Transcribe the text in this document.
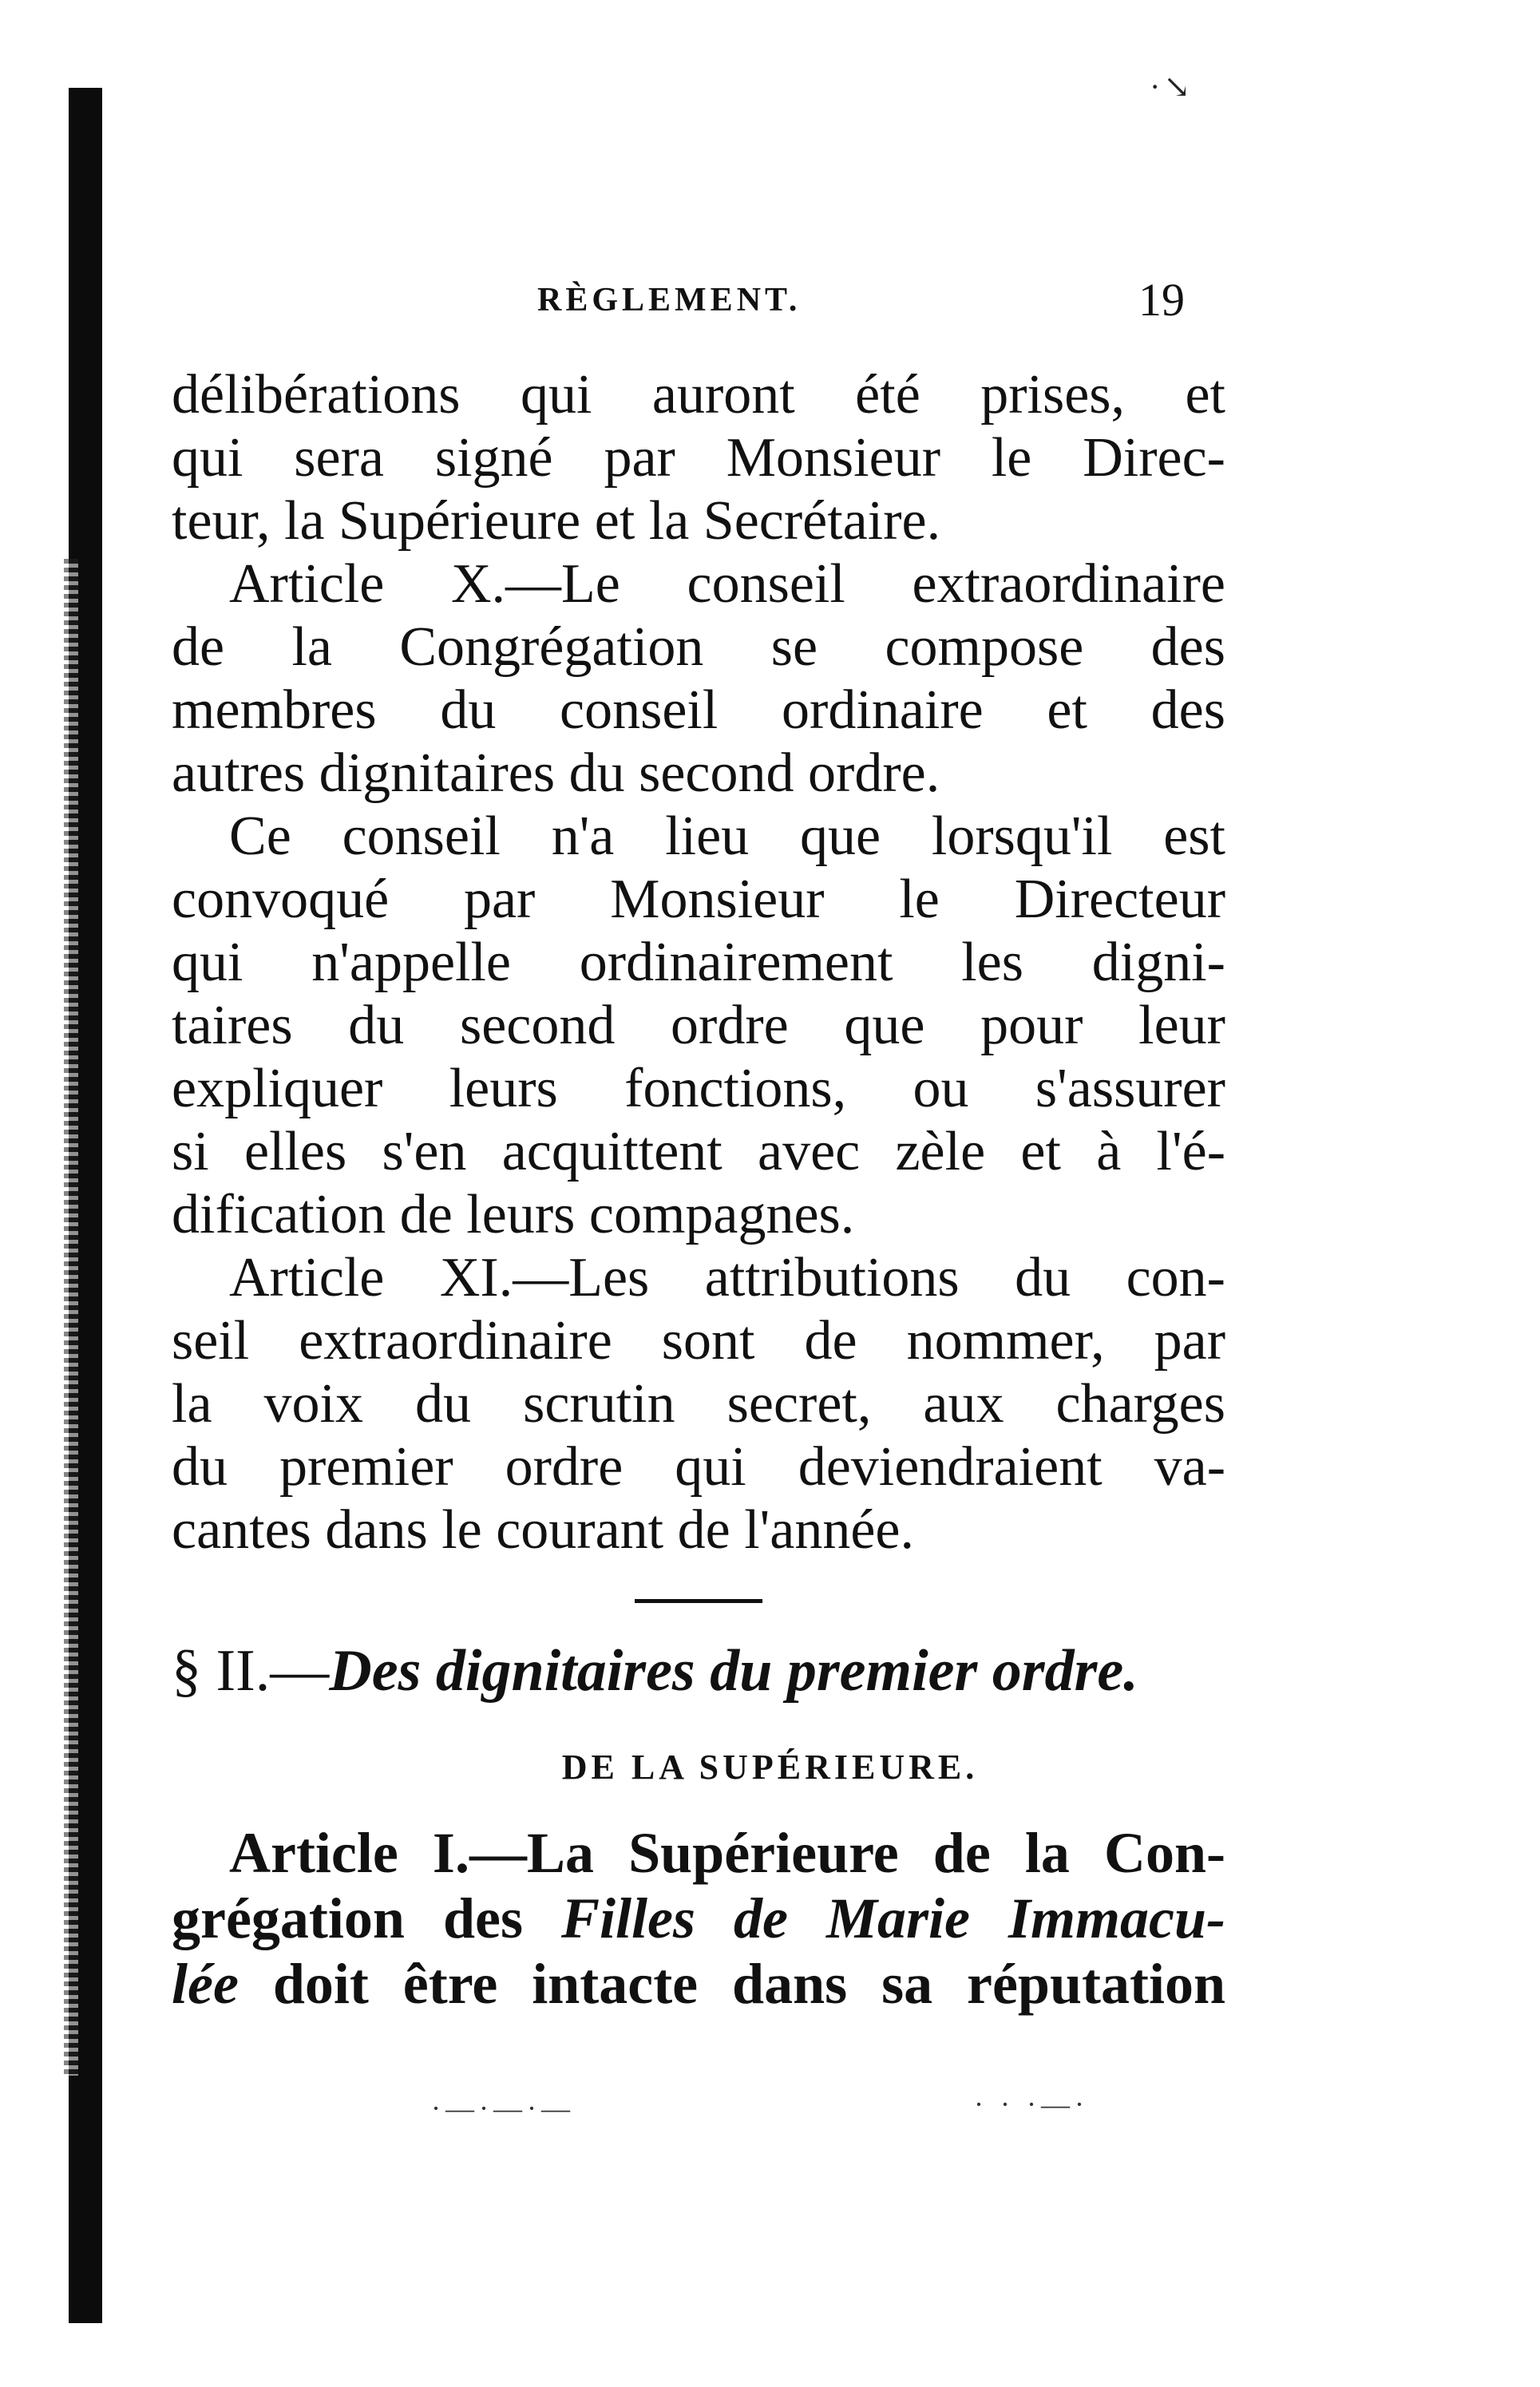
·↘
RÈGLEMENT.	19
délibérations qui auront été prises, et
qui sera signé par Monsieur le Direc-
teur, la Supérieure et la Secrétaire.
Article X.—Le conseil extraordinaire
de la Congrégation se compose des
membres du conseil ordinaire et des
autres dignitaires du second ordre.
Ce conseil n'a lieu que lorsqu'il est
convoqué par Monsieur le Directeur
qui n'appelle ordinairement les digni-
taires du second ordre que pour leur
expliquer leurs fonctions, ou s'assurer
si elles s'en acquittent avec zèle et à l'é-
dification de leurs compagnes.
Article XI.—Les attributions du con-
seil extraordinaire sont de nommer, par
la voix du scrutin secret, aux charges
du premier ordre qui deviendraient va-
cantes dans le courant de l'année.
§ II.—Des dignitaires du premier ordre.
DE LA SUPÉRIEURE.
Article I.—La Supérieure de la Con-
grégation des Filles de Marie Immacu-
lée doit être intacte dans sa réputation
·—·—·—	· · ·—·
